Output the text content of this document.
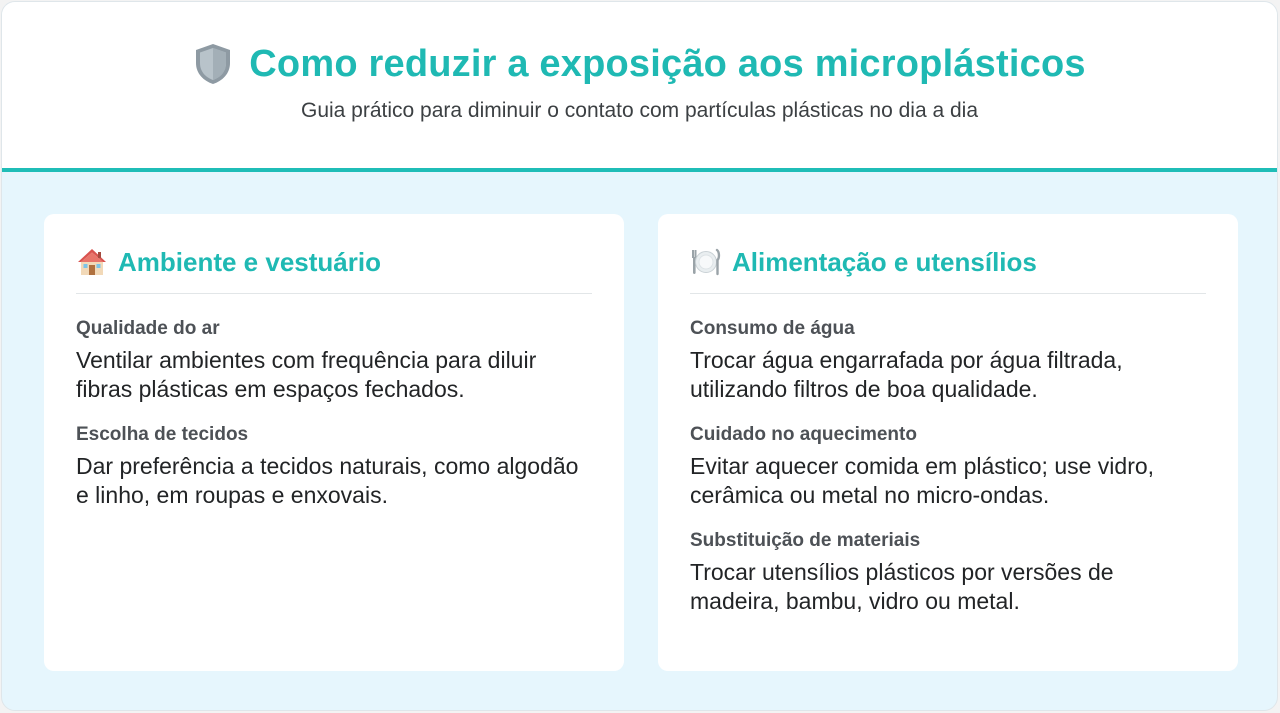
Como reduzir a exposição aos microplásticos
Guia prático para diminuir o contato com partículas plásticas no dia a dia
Ambiente e vestuário
Qualidade do ar
Ventilar ambientes com frequência para diluir fibras plásticas em espaços fechados.
Escolha de tecidos
Dar preferência a tecidos naturais, como algodão e linho, em roupas e enxovais.
Alimentação e utensílios
Consumo de água
Trocar água engarrafada por água filtrada, utilizando filtros de boa qualidade.
Cuidado no aquecimento
Evitar aquecer comida em plástico; use vidro, cerâmica ou metal no micro-ondas.
Substituição de materiais
Trocar utensílios plásticos por versões de madeira, bambu, vidro ou metal.
